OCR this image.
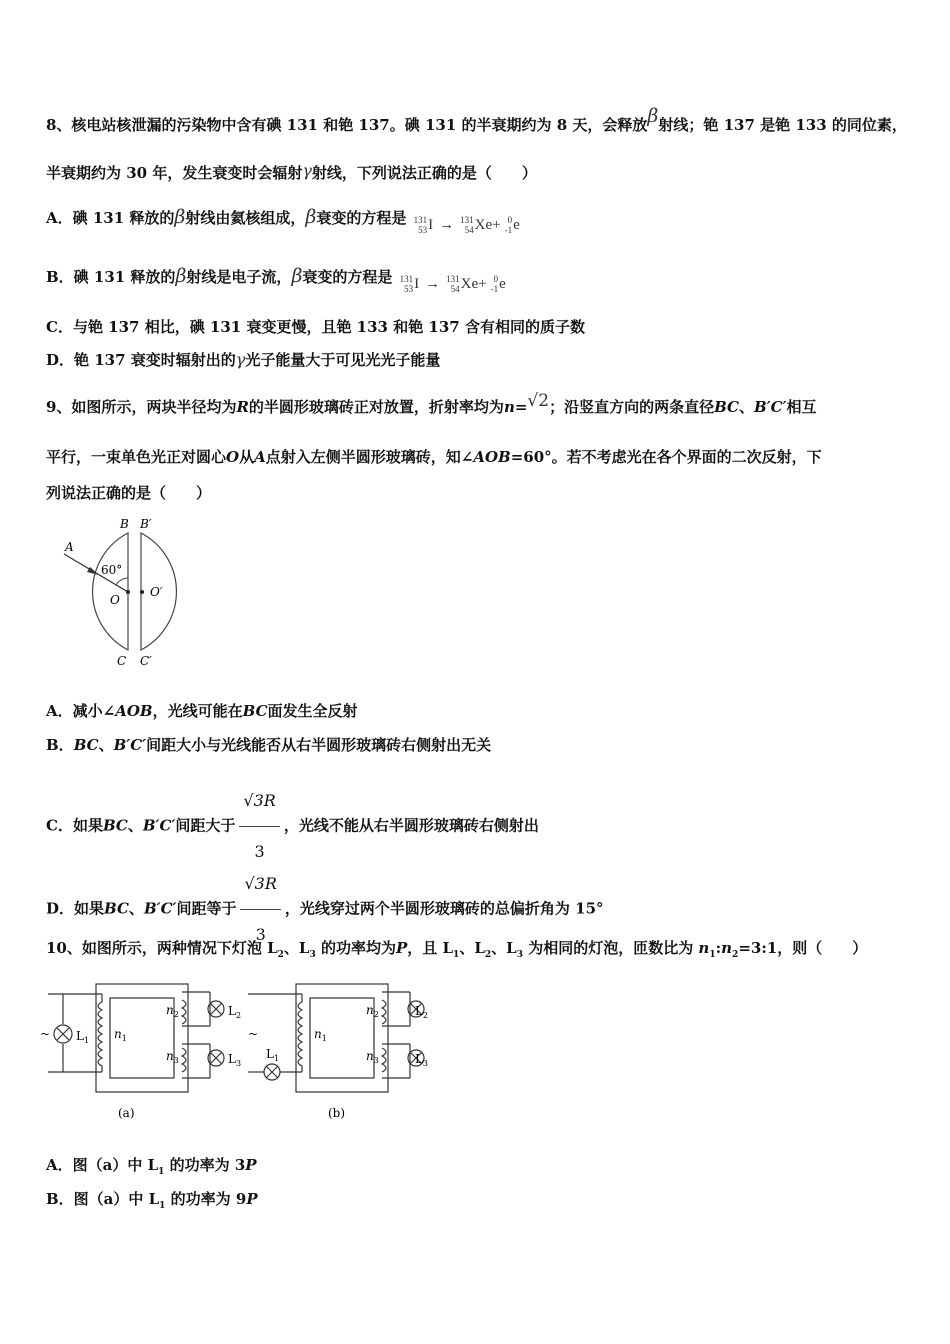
8、核电站核泄漏的污染物中含有碘 131 和铯 137。碘 131 的半衰期约为 8 天，会释放β射线；铯 137 是铯 133 的同位素，
半衰期约为 30 年，发生衰变时会辐射γ射线，下列说法正确的是（　　）
A．碘 131 释放的β射线由氦核组成，β衰变的方程是 131
53 I → 131
54 Xe+ 0
-1 e
B．碘 131 释放的β射线是电子流，β衰变的方程是 131
53 I → 131
54 Xe+ 0
-1 e
C．与铯 137 相比，碘 131 衰变更慢，且铯 133 和铯 137 含有相同的质子数
D．铯 137 衰变时辐射出的γ光子能量大于可见光光子能量
9、如图所示，两块半径均为R的半圆形玻璃砖正对放置，折射率均为n=√2；沿竖直方向的两条直径BC、B′C′相互
平行，一束单色光正对圆心O从A点射入左侧半圆形玻璃砖，知∠AOB=60°。若不考虑光在各个界面的二次反射，下
列说法正确的是（　　）
B B′
A
60°
O
O′
C C′
A．减小∠AOB，光线可能在BC面发生全反射
B．BC、B′C′间距大小与光线能否从右半圆形玻璃砖右侧射出无关
C．如果BC、B′C′间距大于 $\frac{√3R}{3}$ ，光线不能从右半圆形玻璃砖右侧射出
D．如果BC、B′C′间距等于 $\frac{√3R}{3}$ ，光线穿过两个半圆形玻璃砖的总偏折角为 15°
10、如图所示，两种情况下灯泡 $L_2$、$L_3$ 的功率均为P，且 $L_1$、$L_2$、$L_3$ 为相同的灯泡，匝数比为 $n_1:n_2=3:1$，则（　　）
~ $L_1$ $n_1$
$n_2$
$n_3$
$L_2$
$L_3$
(a)
~
$L_1$
$n_1$
$n_2$
$n_3$
$L_2$
$L_3$
(b)
A．图（a）中 $L_1$ 的功率为 3P
B．图（a）中 $L_1$ 的功率为 9P
